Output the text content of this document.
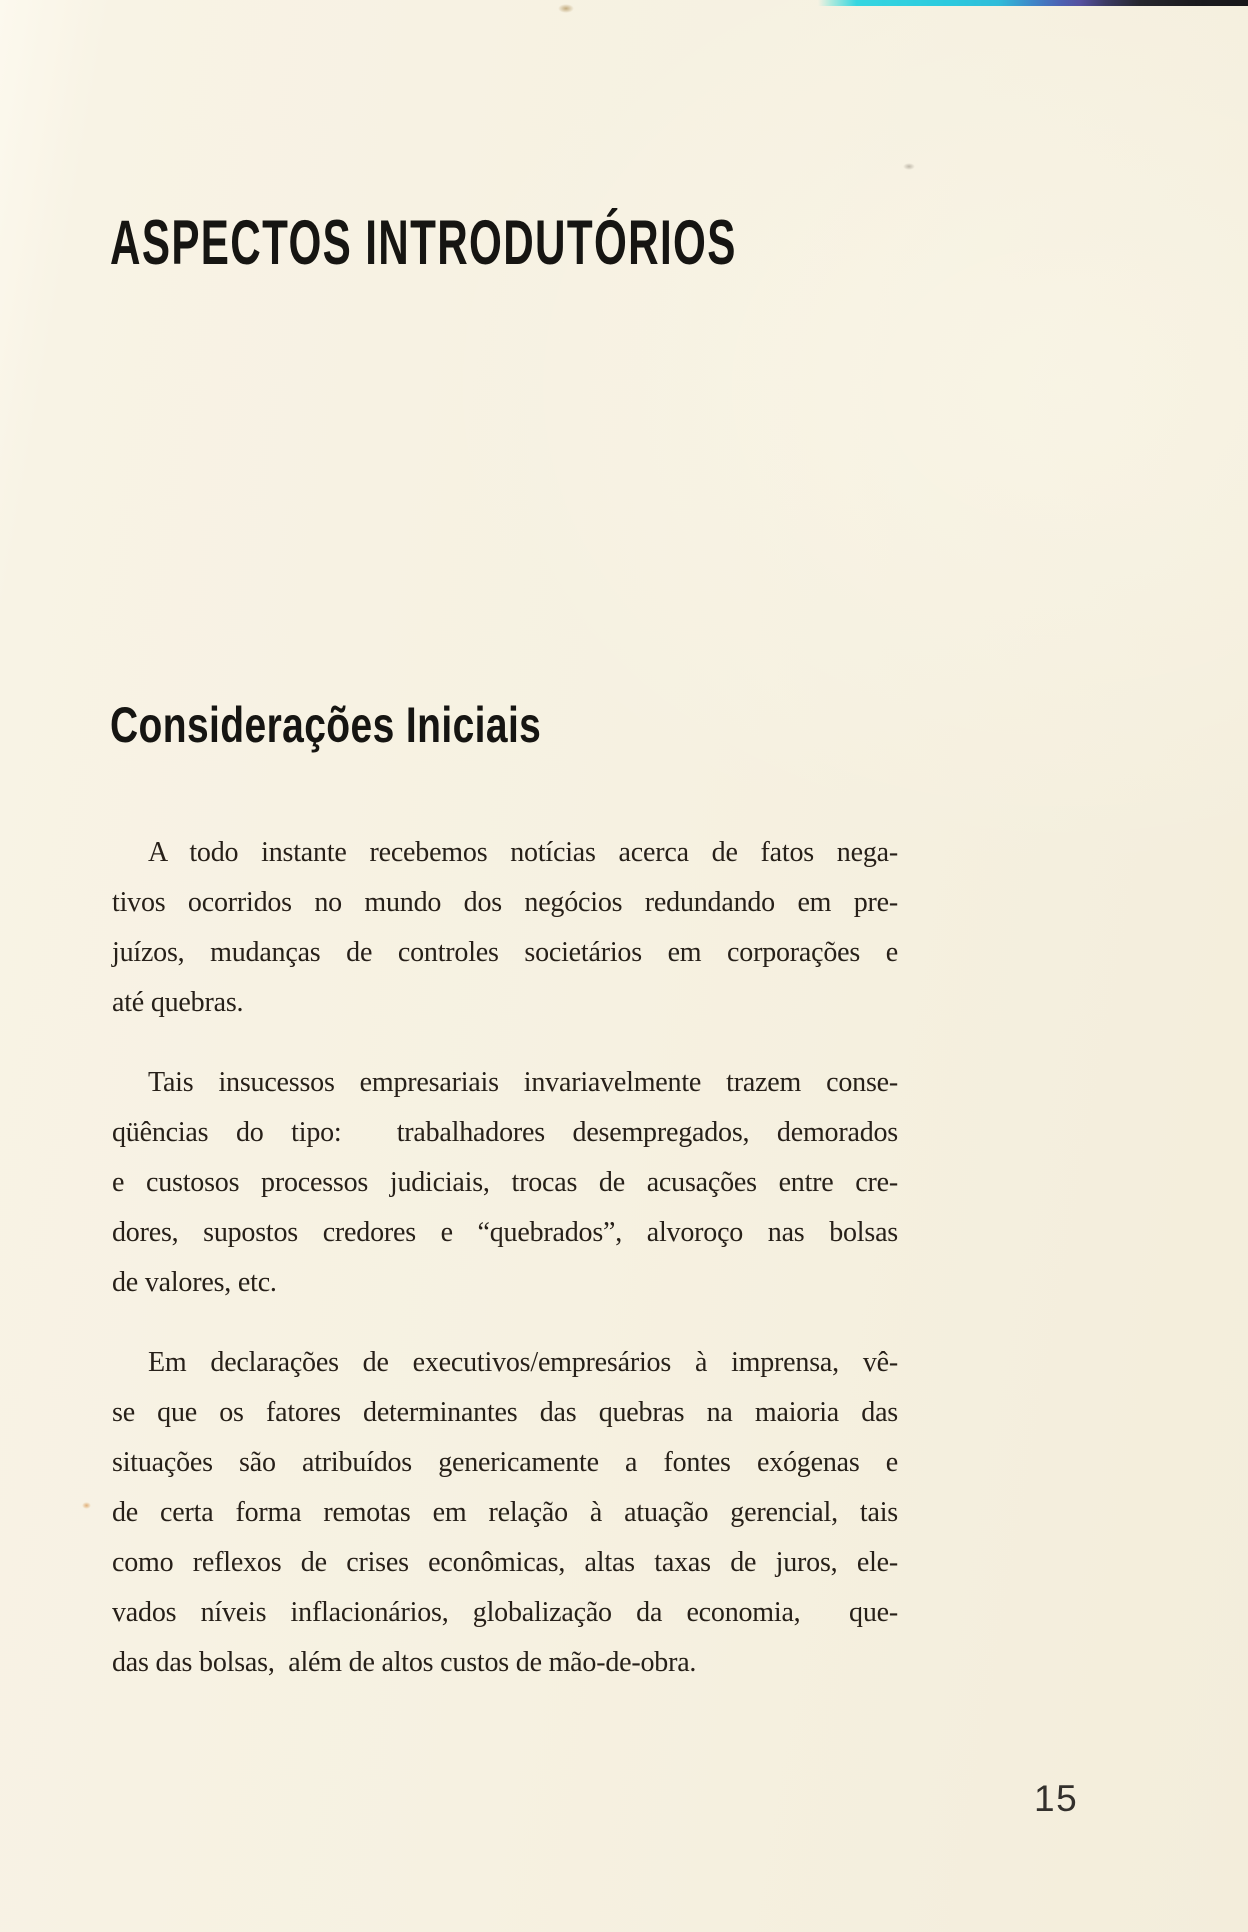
ASPECTOS INTRODUTÓRIOS
Considerações Iniciais
A todo instante recebemos notícias acerca de fatos nega-
tivos ocorridos no mundo dos negócios redundando em pre-
juízos, mudanças de controles societários em corporações e
até quebras.
Tais insucessos empresariais invariavelmente trazem conse-
qüências do tipo:  trabalhadores desempregados, demorados
e custosos processos judiciais, trocas de acusações entre cre-
dores, supostos credores e “quebrados”, alvoroço nas bolsas
de valores, etc.
Em declarações de executivos/empresários à imprensa, vê-
se que os fatores determinantes das quebras na maioria das
situações são atribuídos genericamente a fontes exógenas e
de certa forma remotas em relação à atuação gerencial, tais
como reflexos de crises econômicas, altas taxas de juros, ele-
vados níveis inflacionários, globalização da economia,  que-
das das bolsas,  além de altos custos de mão-de-obra.
15
